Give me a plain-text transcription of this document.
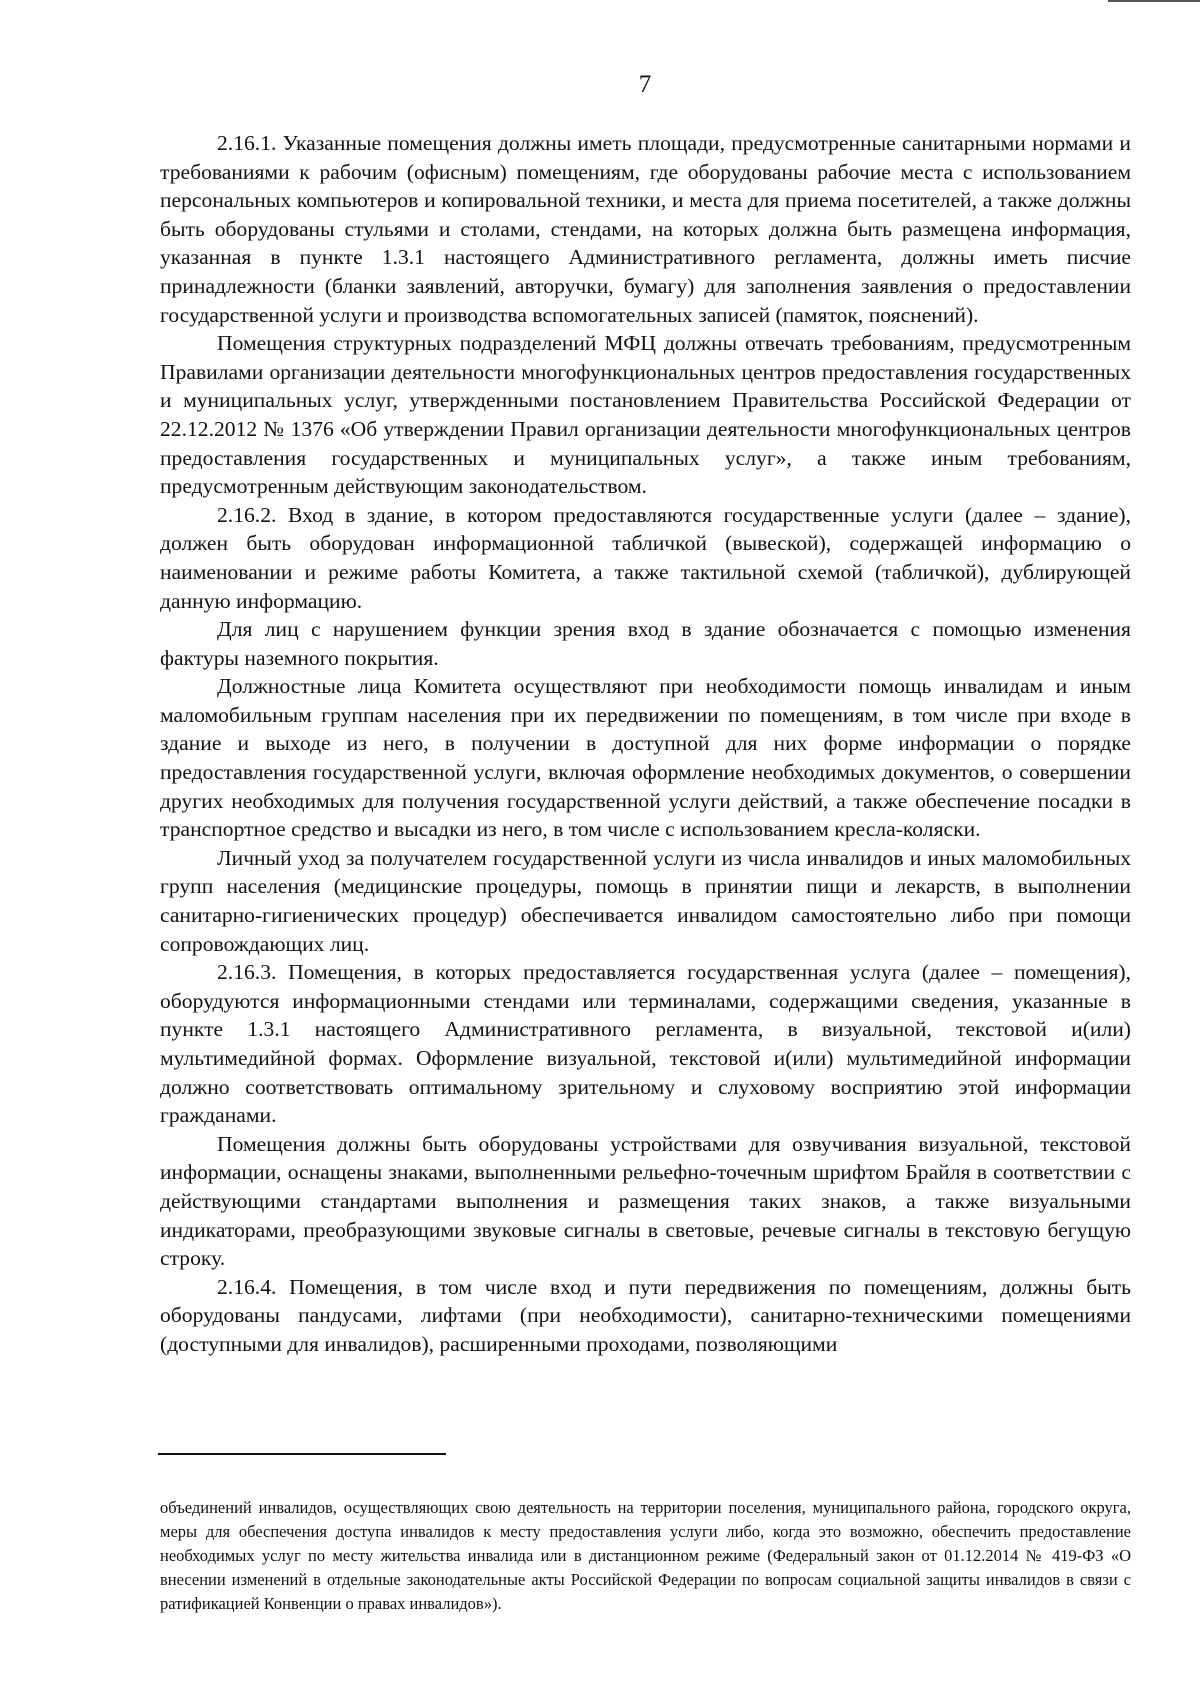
7

2.16.1. Указанные помещения должны иметь площади, предусмотренные санитарными нормами и требованиями к рабочим (офисным) помещениям, где оборудованы рабочие места с использованием персональных компьютеров и копировальной техники, и места для приема посетителей, а также должны быть оборудованы стульями и столами, стендами, на которых должна быть размещена информация, указанная в пункте 1.3.1 настоящего Административного регламента, должны иметь писчие принадлежности (бланки заявлений, авторучки, бумагу) для заполнения заявления о предоставлении государственной услуги и производства вспомогательных записей (памяток, пояснений).

Помещения структурных подразделений МФЦ должны отвечать требованиям, предусмотренным Правилами организации деятельности многофункциональных центров предоставления государственных и муниципальных услуг, утвержденными постановлением Правительства Российской Федерации от 22.12.2012 № 1376 «Об утверждении Правил организации деятельности многофункциональных центров предоставления государственных и муниципальных услуг», а также иным требованиям, предусмотренным действующим законодательством.

2.16.2. Вход в здание, в котором предоставляются государственные услуги (далее – здание), должен быть оборудован информационной табличкой (вывеской), содержащей информацию о наименовании и режиме работы Комитета, а также тактильной схемой (табличкой), дублирующей данную информацию.

Для лиц с нарушением функции зрения вход в здание обозначается с помощью изменения фактуры наземного покрытия.

Должностные лица Комитета осуществляют при необходимости помощь инвалидам и иным маломобильным группам населения при их передвижении по помещениям, в том числе при входе в здание и выходе из него, в получении в доступной для них форме информации о порядке предоставления государственной услуги, включая оформление необходимых документов, о совершении других необходимых для получения государственной услуги действий, а также обеспечение посадки в транспортное средство и высадки из него, в том числе с использованием кресла-коляски.

Личный уход за получателем государственной услуги из числа инвалидов и иных маломобильных групп населения (медицинские процедуры, помощь в принятии пищи и лекарств, в выполнении санитарно-гигиенических процедур) обеспечивается инвалидом самостоятельно либо при помощи сопровождающих лиц.

2.16.3. Помещения, в которых предоставляется государственная услуга (далее – помещения), оборудуются информационными стендами или терминалами, содержащими сведения, указанные в пункте 1.3.1 настоящего Административного регламента, в визуальной, текстовой и(или) мультимедийной формах. Оформление визуальной, текстовой и(или) мультимедийной информации должно соответствовать оптимальному зрительному и слуховому восприятию этой информации гражданами.

Помещения должны быть оборудованы устройствами для озвучивания визуальной, текстовой информации, оснащены знаками, выполненными рельефно-точечным шрифтом Брайля в соответствии с действующими стандартами выполнения и размещения таких знаков, а также визуальными индикаторами, преобразующими звуковые сигналы в световые, речевые сигналы в текстовую бегущую строку.

2.16.4. Помещения, в том числе вход и пути передвижения по помещениям, должны быть оборудованы пандусами, лифтами (при необходимости), санитарно-техническими помещениями (доступными для инвалидов), расширенными проходами, позволяющими

объединений инвалидов, осуществляющих свою деятельность на территории поселения, муниципального района, городского округа, меры для обеспечения доступа инвалидов к месту предоставления услуги либо, когда это возможно, обеспечить предоставление необходимых услуг по месту жительства инвалида или в дистанционном режиме (Федеральный закон от 01.12.2014 № 419-ФЗ «О внесении изменений в отдельные законодательные акты Российской Федерации по вопросам социальной защиты инвалидов в связи с ратификацией Конвенции о правах инвалидов»).
